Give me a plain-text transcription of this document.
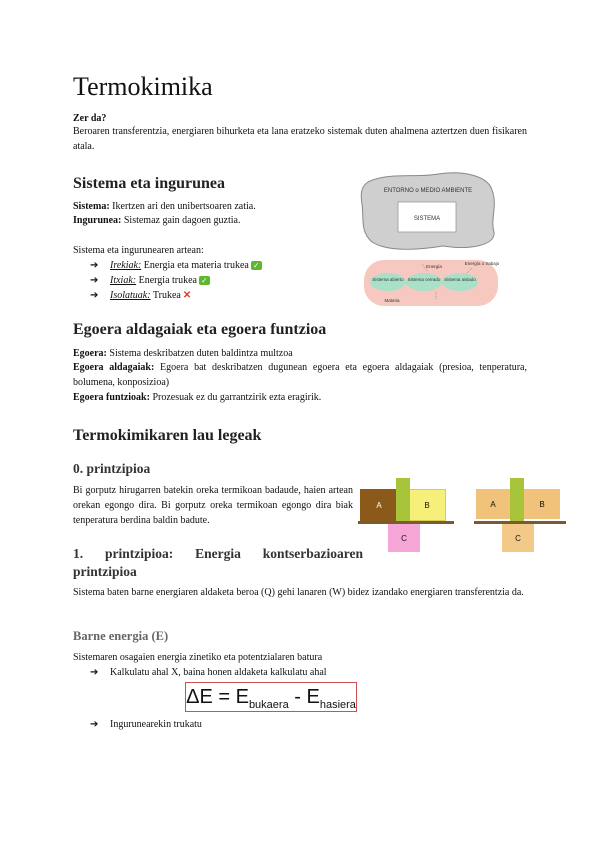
Termokimika
Zer da?
Beroaren transferentzia, energiaren bihurketa eta lana eratzeko sistemak duten ahalmena aztertzen duen fisikaren atala.
Sistema eta ingurunea
Sistema: Ikertzen ari den unibertsoaren zatia.
Ingurunea: Sistemaz gain dagoen guztia.
Sistema eta ingurunearen artean:
➔ Irekiak: Energia eta materia trukea ✓
➔ Itxiak: Energia trukea ✓
➔ Isolatuak: Trukea ✕
ENTORNO o MEDIO AMBIENTE
SISTEMA
Sistema abierto Sistema cerrado Sistema aislado
Energía
Materia
Energía o trabajo
Egoera aldagaiak eta egoera funtzioa
Egoera: Sistema deskribatzen duten baldintza multzoa
Egoera aldagaiak: Egoera bat deskribatzen dugunean egoera eta egoera aldagaiak (presioa, tenperatura, bolumena, konposizioa)
Egoera funtzioak: Prozesuak ez du garrantzirik ezta eragirik.
Termokimikaren lau legeak
0. printzipioa
Bi gorputz hirugarren batekin oreka termikoan badaude, haien artean orekan egongo dira. Bi gorputz oreka termikoan egongo dira biak tenperatura berdina baldin badute.
A	B
C
A	B
C
1. printzipioa: Energia kontserbazioaren printzipioa
Sistema baten barne energiaren aldaketa beroa (Q) gehi lanaren (W) bidez izandako energiaren transferentzia da.
Barne energia (E)
Sistemaren osagaien energia zinetiko eta potentzialaren batura
➔ Kalkulatu ahal X, baina honen aldaketa kalkulatu ahal
$\Delta E = E_{bukaera} - E_{hasiera}$
➔ Ingurunearekin trukatu
